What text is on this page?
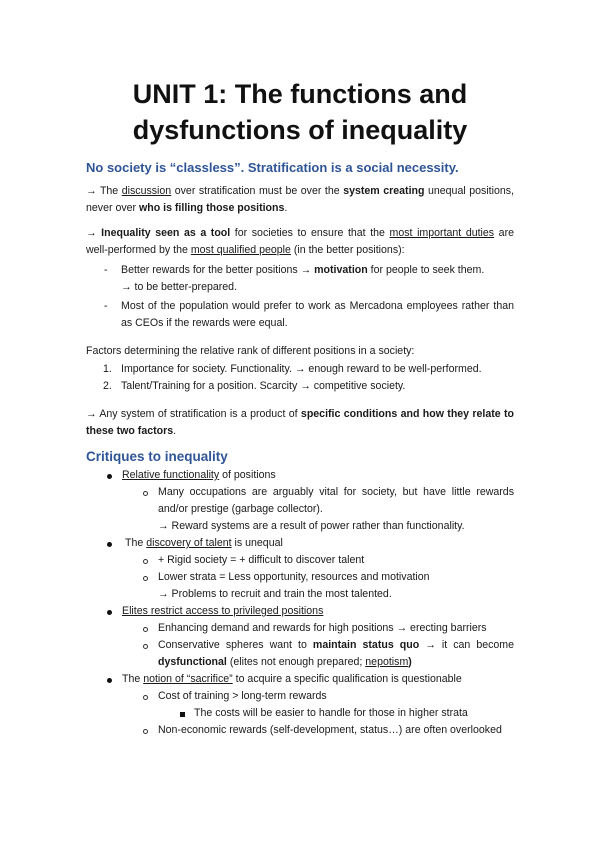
UNIT 1: The functions and
dysfunctions of inequality
No society is “classless”. Stratification is a social necessity.
→ The discussion over stratification must be over the system creating unequal positions, never over who is filling those positions.
→ Inequality seen as a tool for societies to ensure that the most important duties are well-performed by the most qualified people (in the better positions):
- Better rewards for the better positions → motivation for people to seek them.
→ to be better-prepared.
- Most of the population would prefer to work as Mercadona employees rather than as CEOs if the rewards were equal.
Factors determining the relative rank of different positions in a society:
1. Importance for society. Functionality. → enough reward to be well-performed.
2. Talent/Training for a position. Scarcity → competitive society.
→ Any system of stratification is a product of specific conditions and how they relate to these two factors.
Critiques to inequality
Relative functionality of positions
Many occupations are arguably vital for society, but have little rewards and/or prestige (garbage collector).
→ Reward systems are a result of power rather than functionality.
The discovery of talent is unequal
+ Rigid society = + difficult to discover talent
Lower strata = Less opportunity, resources and motivation
→ Problems to recruit and train the most talented.
Elites restrict access to privileged positions
Enhancing demand and rewards for high positions → erecting barriers
Conservative spheres want to maintain status quo → it can become dysfunctional (elites not enough prepared; nepotism)
The notion of “sacrifice” to acquire a specific qualification is questionable
Cost of training > long-term rewards
The costs will be easier to handle for those in higher strata
Non-economic rewards (self-development, status…) are often overlooked
